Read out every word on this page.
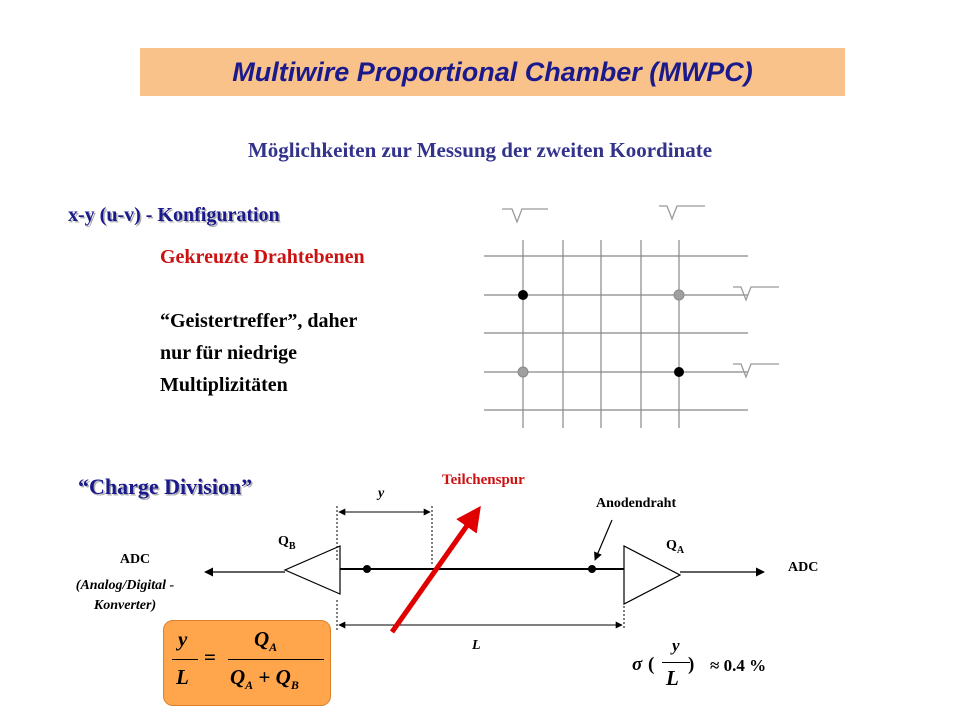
Multiwire Proportional Chamber (MWPC)
Möglichkeiten zur Messung der zweiten Koordinate
x-y (u-v) - Konfiguration
Gekreuzte Drahtebenen
“Geistertreffer”, daher
nur für niedrige
Multiplizitäten
“Charge Division”	Teilchenspur
Anodendraht
ADC
(Analog/Digital -
Konverter)
ADC
y
L
$Q_B$	$Q_A$
y
L
=
$Q_A$
$Q_A + Q_B$
σ (
y
L
) ≈ 0.4 %
